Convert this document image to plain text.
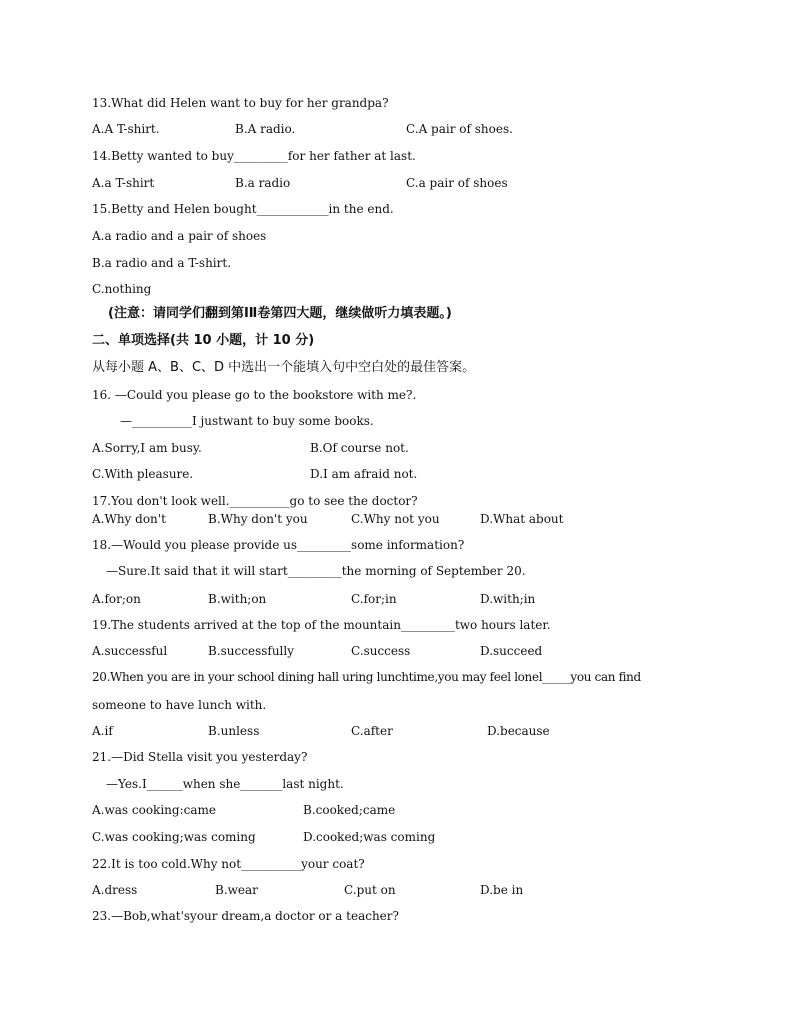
13.What did Helen want to buy for her grandpa?
A.A T-shirt.	B.A radio.	C.A pair of shoes.
14.Betty wanted to buy_________for her father at last.
A.a T-shirt	B.a radio	C.a pair of shoes
15.Betty and Helen bought____________in the end.
A.a radio and a pair of shoes
B.a radio and a T-shirt.
C.nothing
(注意：请同学们翻到第ⅠⅡ卷第四大题，继续做听力填表题。)
二、单项选择(共 10 小题，计 10 分)
从每小题 A、B、C、D 中选出一个能填入句中空白处的最佳答案。
16. —Could you please go to the bookstore with me?.
—__________I justwant to buy some books.
A.Sorry,I am busy.	B.Of course not.
C.With pleasure.	D.I am afraid not.
17.You don't look well.__________go to see the doctor?
A.Why don't	B.Why don't you	C.Why not you	D.What about
18.—Would you please provide us_________some information?
—Sure.It said that it will start_________the morning of September 20.
A.for;on	B.with;on	C.for;in	D.with;in
19.The students arrived at the top of the mountain_________two hours later.
A.successful	B.successfully	C.success	D.succeed
20.When you are in your school dining hall uring lunchtime,you may feel lonel_____you can find
someone to have lunch with.
A.if	B.unless	C.after	D.because
21.—Did Stella visit you yesterday?
—Yes.I______when she_______last night.
A.was cooking:came	B.cooked;came
C.was cooking;was coming	D.cooked;was coming
22.It is too cold.Why not__________your coat?
A.dress	B.wear	C.put on	D.be in
23.—Bob,what'syour dream,a doctor or a teacher?
